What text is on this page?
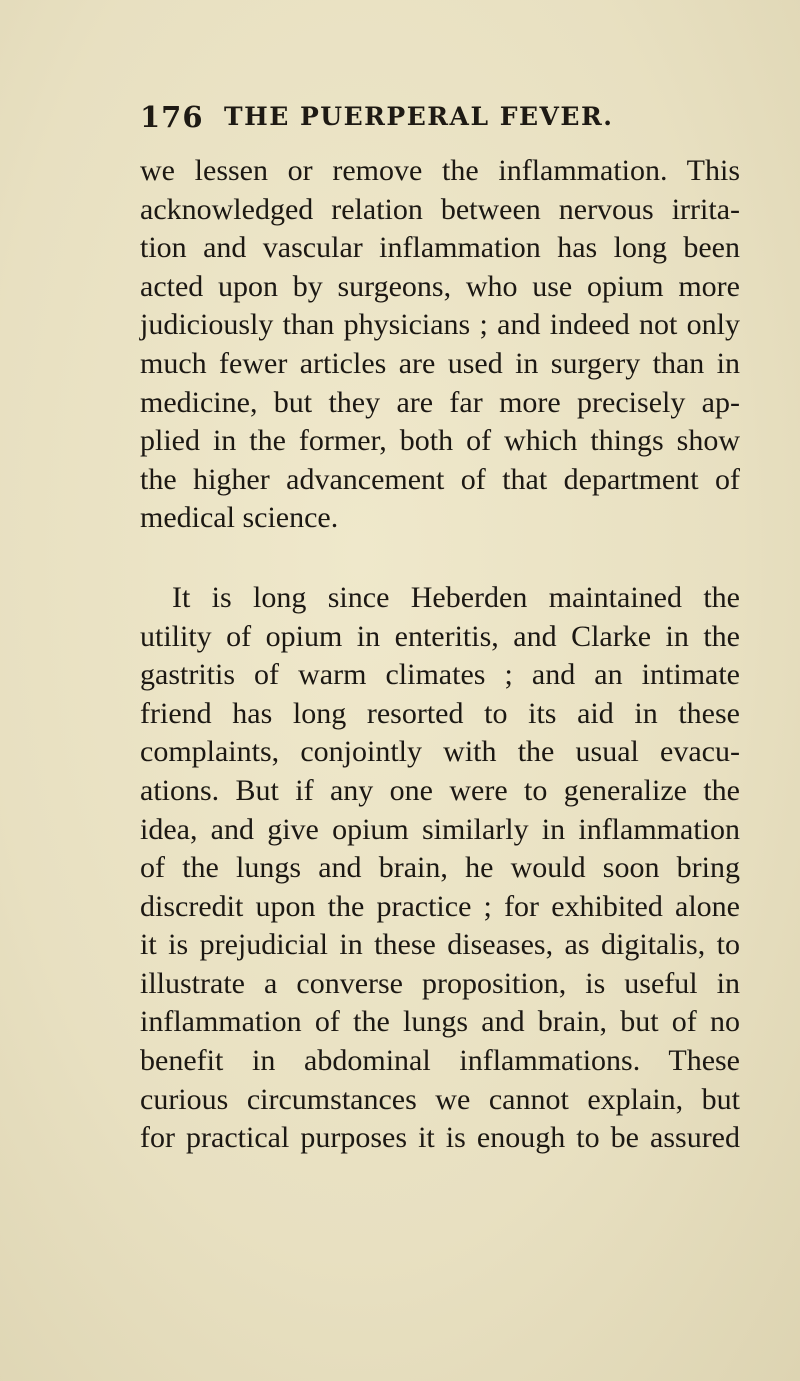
176 THE PUERPERAL FEVER.
we lessen or remove the inflammation. This
acknowledged relation between nervous irrita-
tion and vascular inflammation has long been
acted upon by surgeons, who use opium more
judiciously than physicians ; and indeed not only
much fewer articles are used in surgery than in
medicine, but they are far more precisely ap-
plied in the former, both of which things show
the higher advancement of that department of
medical science.
It is long since Heberden maintained the
utility of opium in enteritis, and Clarke in the
gastritis of warm climates ; and an intimate
friend has long resorted to its aid in these
complaints, conjointly with the usual evacu-
ations. But if any one were to generalize the
idea, and give opium similarly in inflammation
of the lungs and brain, he would soon bring
discredit upon the practice ; for exhibited alone
it is prejudicial in these diseases, as digitalis, to
illustrate a converse proposition, is useful in
inflammation of the lungs and brain, but of no
benefit in abdominal inflammations. These
curious circumstances we cannot explain, but
for practical purposes it is enough to be assured
